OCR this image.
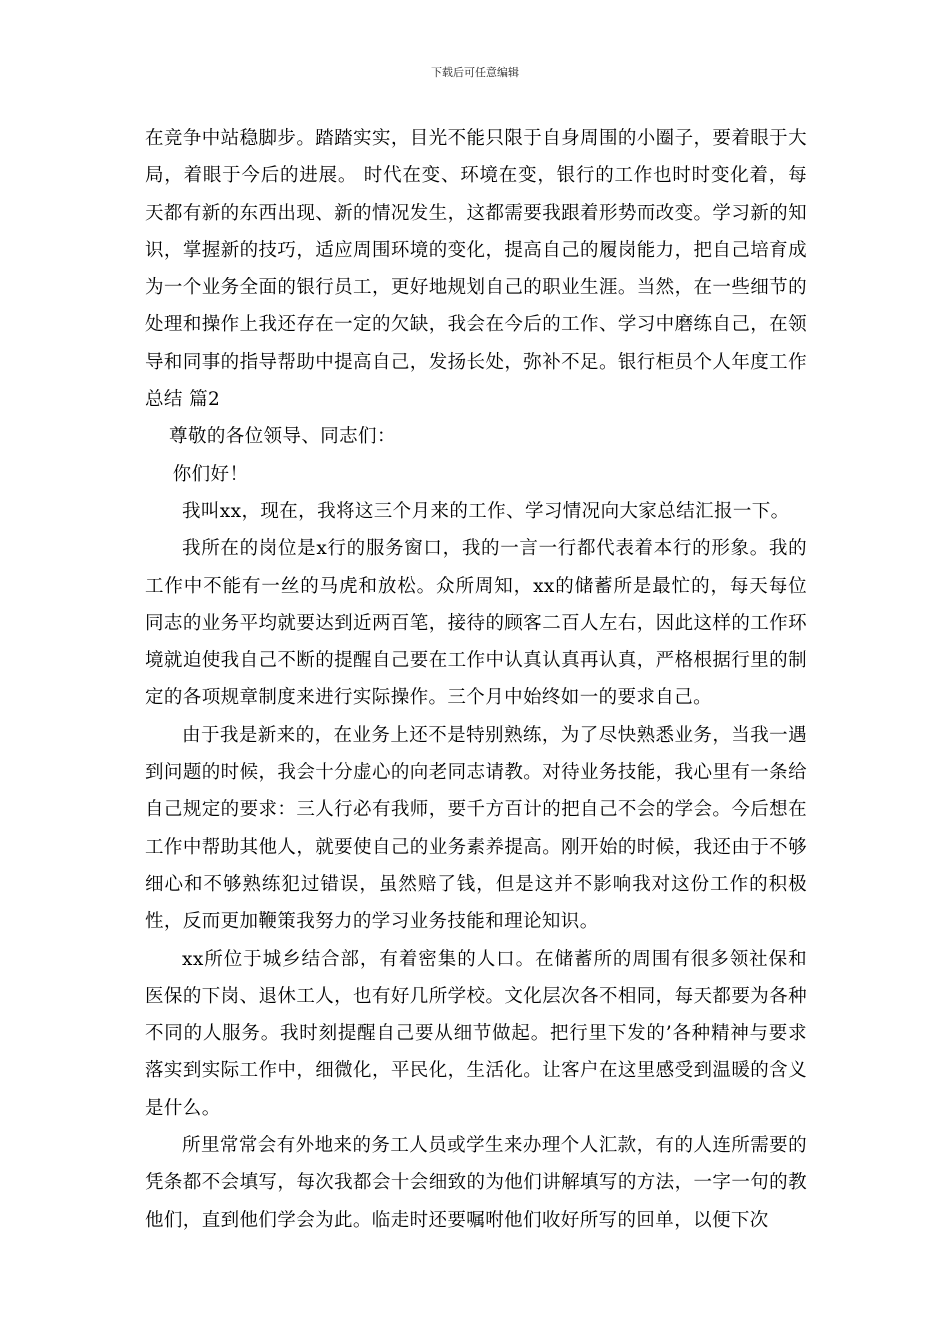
下载后可任意编辑

在竞争中站稳脚步。踏踏实实，目光不能只限于自身周围的小圈子，要着眼于大局，着眼于今后的进展。 时代在变、环境在变，银行的工作也时时变化着，每天都有新的东西出现、新的情况发生，这都需要我跟着形势而改变。学习新的知识，掌握新的技巧，适应周围环境的变化，提高自己的履岗能力，把自己培育成为一个业务全面的银行员工，更好地规划自己的职业生涯。当然，在一些细节的处理和操作上我还存在一定的欠缺，我会在今后的工作、学习中磨练自己，在领导和同事的指导帮助中提高自己，发扬长处，弥补不足。银行柜员个人年度工作总结 篇2

尊敬的各位领导、同志们：

你们好！

我叫xx，现在，我将这三个月来的工作、学习情况向大家总结汇报一下。

我所在的岗位是x行的服务窗口，我的一言一行都代表着本行的形象。我的工作中不能有一丝的马虎和放松。众所周知，xx的储蓄所是最忙的，每天每位同志的业务平均就要达到近两百笔，接待的顾客二百人左右，因此这样的工作环境就迫使我自己不断的提醒自己要在工作中认真认真再认真，严格根据行里的制定的各项规章制度来进行实际操作。三个月中始终如一的要求自己。

由于我是新来的，在业务上还不是特别熟练，为了尽快熟悉业务，当我一遇到问题的时候，我会十分虚心的向老同志请教。对待业务技能，我心里有一条给自己规定的要求：三人行必有我师，要千方百计的把自己不会的学会。今后想在工作中帮助其他人，就要使自己的业务素养提高。刚开始的时候，我还由于不够细心和不够熟练犯过错误，虽然赔了钱，但是这并不影响我对这份工作的积极性，反而更加鞭策我努力的学习业务技能和理论知识。

xx所位于城乡结合部，有着密集的人口。在储蓄所的周围有很多领社保和医保的下岗、退休工人，也有好几所学校。文化层次各不相同，每天都要为各种不同的人服务。我时刻提醒自己要从细节做起。把行里下发的’各种精神与要求落实到实际工作中，细微化，平民化，生活化。让客户在这里感受到温暖的含义是什么。

所里常常会有外地来的务工人员或学生来办理个人汇款，有的人连所需要的凭条都不会填写，每次我都会十会细致的为他们讲解填写的方法，一字一句的教他们，直到他们学会为此。临走时还要嘱咐他们收好所写的回单，以便下次
